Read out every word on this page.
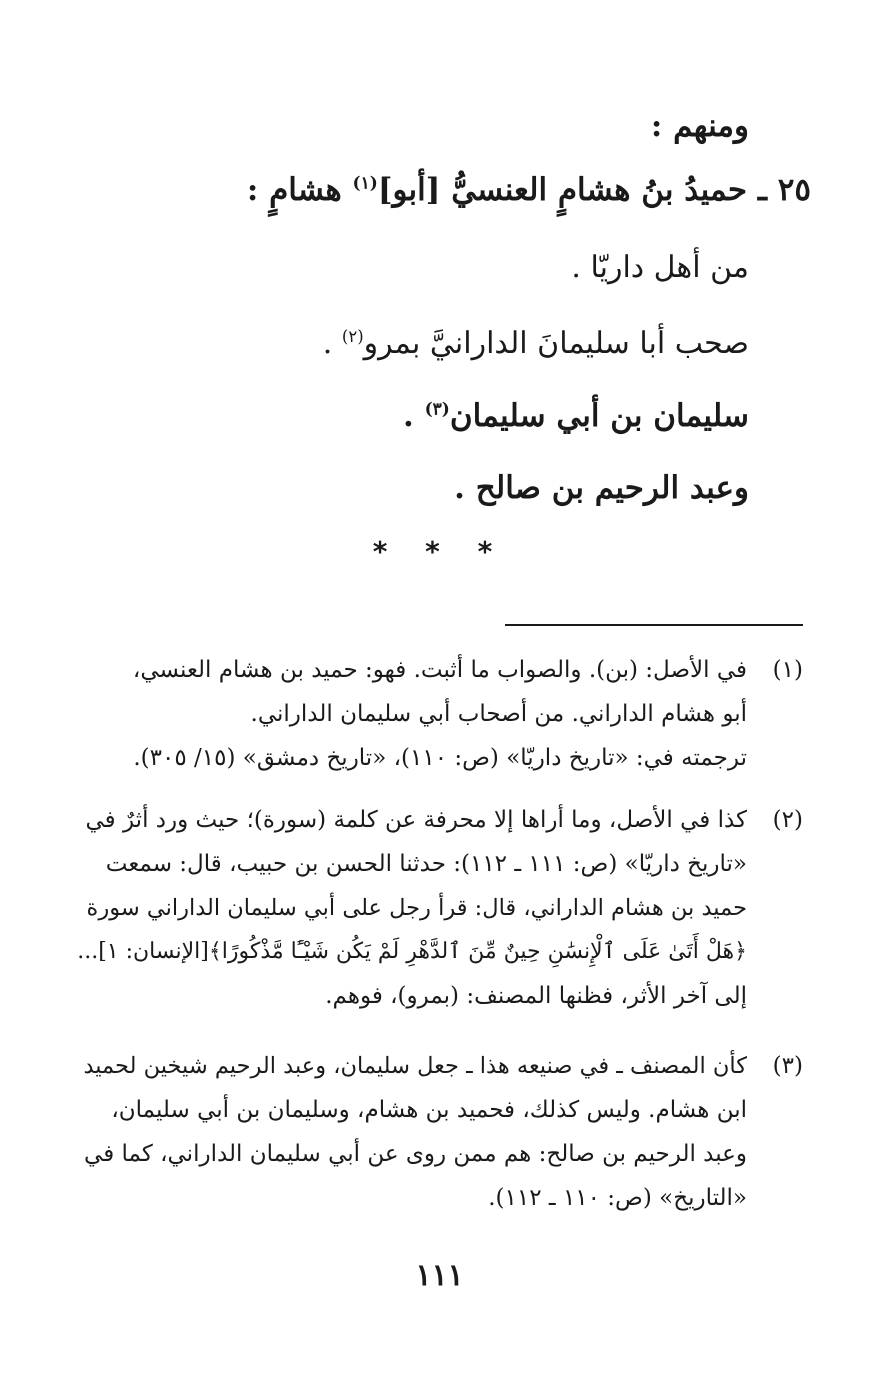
ومنهم :
٢٥ ـ حميدُ بنُ هشامٍ العنسيُّ [أبو]$^{(١)}$ هشامٍ :
من أهل داريّا .
صحب أبا سليمانَ الدارانيَّ بمرو$^{(٢)}$ .
سليمان بن أبي سليمان$^{(٣)}$ .
وعبد الرحيم بن صالح .
* * *
(١)
في الأصل: (بن). والصواب ما أثبت. فهو: حميد بن هشام العنسي،
أبو هشام الداراني. من أصحاب أبي سليمان الداراني.
ترجمته في: «تاريخ داريّا» (ص: ١١٠)، «تاريخ دمشق» (١٥/ ٣٠٥).
(٢)
كذا في الأصل، وما أراها إلا محرفة عن كلمة (سورة)؛ حيث ورد أثرٌ في
«تاريخ داريّا» (ص: ١١١ ـ ١١٢): حدثنا الحسن بن حبيب، قال: سمعت
حميد بن هشام الداراني، قال: قرأ رجل على أبي سليمان الداراني سورة
﴿هَلْ أَتَىٰ عَلَى ٱلْإِنسَٰنِ حِينٌ مِّنَ ٱلدَّهْرِ لَمْ يَكُن شَيْـًٔا مَّذْكُورًا﴾[الإنسان: ١]...
إلى آخر الأثر، فظنها المصنف: (بمرو)، فوهم.
(٣)
كأن المصنف ـ في صنيعه هذا ـ جعل سليمان، وعبد الرحيم شيخين لحميد
ابن هشام. وليس كذلك، فحميد بن هشام، وسليمان بن أبي سليمان،
وعبد الرحيم بن صالح: هم ممن روى عن أبي سليمان الداراني، كما في
«التاريخ» (ص: ١١٠ ـ ١١٢).
١١١
